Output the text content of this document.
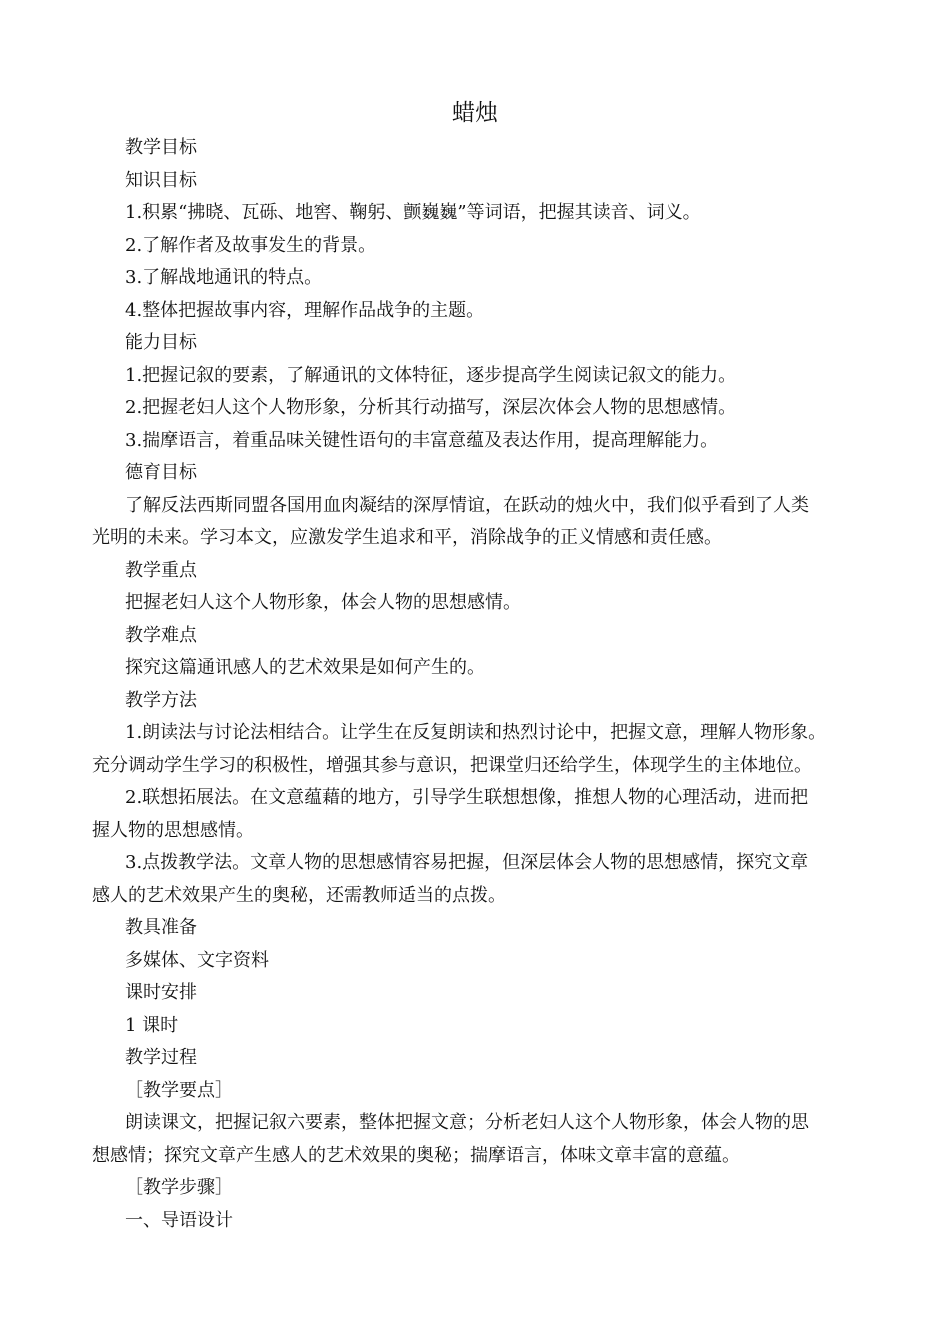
蜡烛

教学目标

知识目标

1.积累“拂晓、瓦砾、地窖、鞠躬、颤巍巍”等词语，把握其读音、词义。

2.了解作者及故事发生的背景。

3.了解战地通讯的特点。

4.整体把握故事内容，理解作品战争的主题。

能力目标

1.把握记叙的要素，了解通讯的文体特征，逐步提高学生阅读记叙文的能力。

2.把握老妇人这个人物形象，分析其行动描写，深层次体会人物的思想感情。

3.揣摩语言，着重品味关键性语句的丰富意蕴及表达作用，提高理解能力。

德育目标

了解反法西斯同盟各国用血肉凝结的深厚情谊，在跃动的烛火中，我们似乎看到了人类
光明的未来。学习本文，应激发学生追求和平，消除战争的正义情感和责任感。

教学重点

把握老妇人这个人物形象，体会人物的思想感情。

教学难点

探究这篇通讯感人的艺术效果是如何产生的。

教学方法

1.朗读法与讨论法相结合。让学生在反复朗读和热烈讨论中，把握文意，理解人物形象。
充分调动学生学习的积极性，增强其参与意识，把课堂归还给学生，体现学生的主体地位。

2.联想拓展法。在文意蕴藉的地方，引导学生联想想像，推想人物的心理活动，进而把
握人物的思想感情。

3.点拨教学法。文章人物的思想感情容易把握，但深层体会人物的思想感情，探究文章
感人的艺术效果产生的奥秘，还需教师适当的点拨。

教具准备

多媒体、文字资料

课时安排

1 课时

教学过程

［教学要点］

朗读课文，把握记叙六要素，整体把握文意；分析老妇人这个人物形象，体会人物的思
想感情；探究文章产生感人的艺术效果的奥秘；揣摩语言，体味文章丰富的意蕴。

［教学步骤］

一、导语设计
